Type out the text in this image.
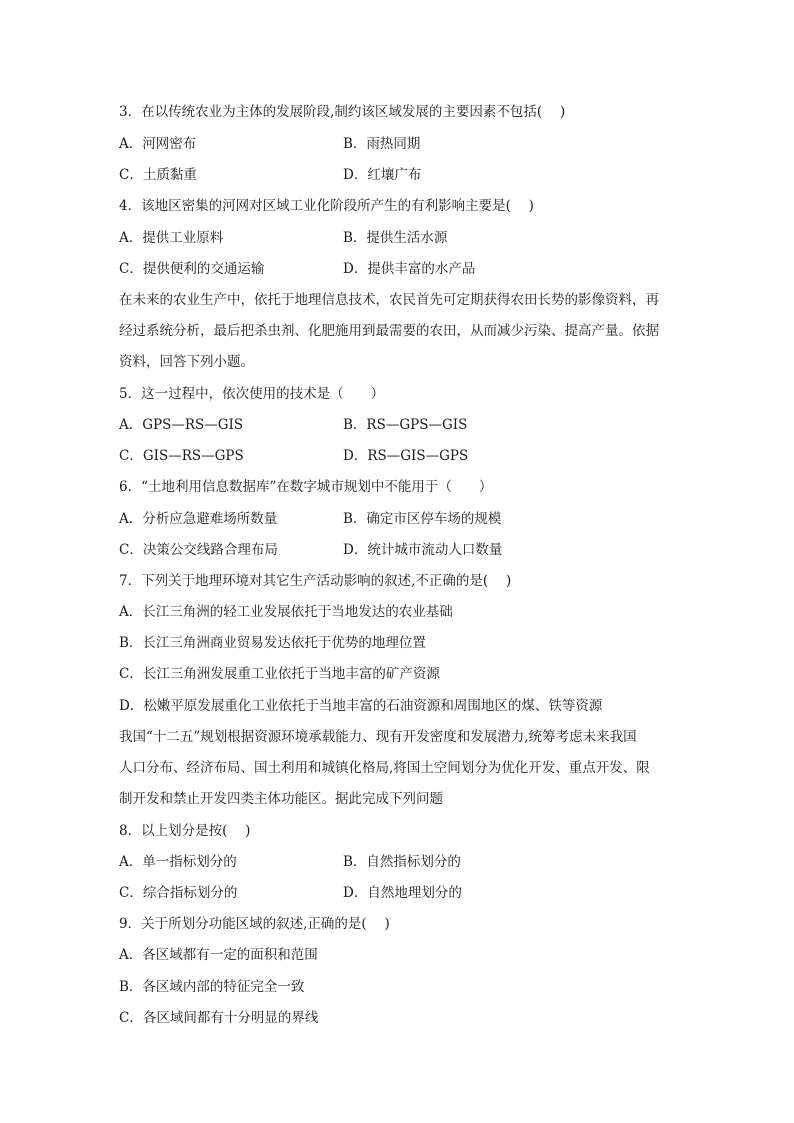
3．在以传统农业为主体的发展阶段,制约该区域发展的主要因素不包括(　 )
A．河网密布	B．雨热同期
C．土质黏重	D．红壤广布
4．该地区密集的河网对区域工业化阶段所产生的有利影响主要是(　 )
A．提供工业原料	B．提供生活水源
C．提供便利的交通运输	D．提供丰富的水产品
在未来的农业生产中，依托于地理信息技术，农民首先可定期获得农田长势的影像资料，再
经过系统分析，最后把杀虫剂、化肥施用到最需要的农田，从而减少污染、提高产量。依据
资料，回答下列小题。
5．这一过程中，依次使用的技术是（　　）
A．GPS—RS—GIS	B．RS—GPS—GIS
C．GIS—RS—GPS	D．RS—GIS—GPS
6．“土地利用信息数据库”在数字城市规划中不能用于（　　）
A．分析应急避难场所数量	B．确定市区停车场的规模
C．决策公交线路合理布局	D．统计城市流动人口数量
7．下列关于地理环境对其它生产活动影响的叙述,不正确的是(　 )
A．长江三角洲的轻工业发展依托于当地发达的农业基础
B．长江三角洲商业贸易发达依托于优势的地理位置
C．长江三角洲发展重工业依托于当地丰富的矿产资源
D．松嫩平原发展重化工业依托于当地丰富的石油资源和周围地区的煤、铁等资源
我国“十二五”规划根据资源环境承载能力、现有开发密度和发展潜力,统筹考虑未来我国
人口分布、经济布局、国土利用和城镇化格局,将国土空间划分为优化开发、重点开发、限
制开发和禁止开发四类主体功能区。据此完成下列问题
8．以上划分是按(　 )
A．单一指标划分的	B．自然指标划分的
C．综合指标划分的	D．自然地理划分的
9．关于所划分功能区域的叙述,正确的是(　 )
A．各区域都有一定的面积和范围
B．各区域内部的特征完全一致
C．各区域间都有十分明显的界线
